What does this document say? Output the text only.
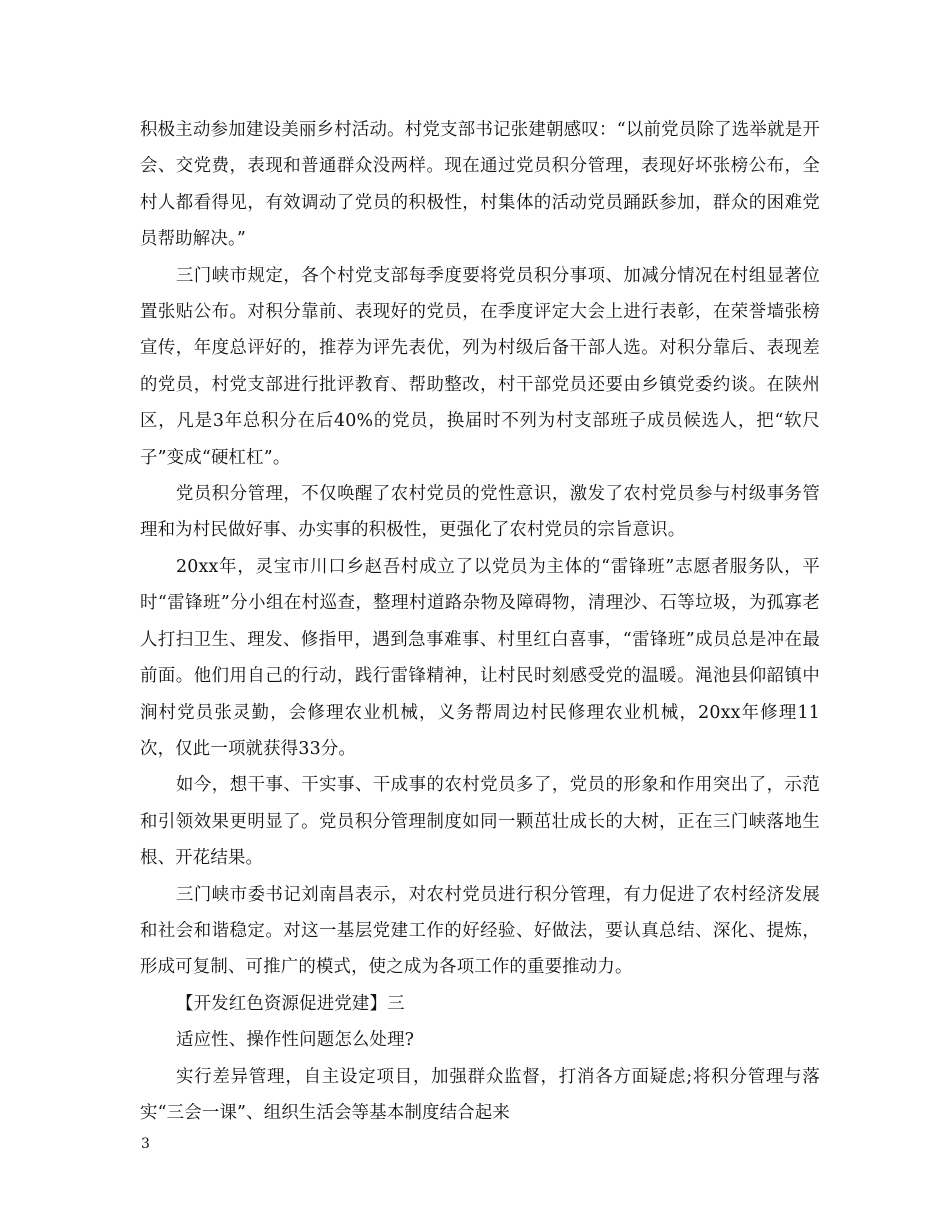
积极主动参加建设美丽乡村活动。村党支部书记张建朝感叹：“以前党员除了选举就是开会、交党费，表现和普通群众没两样。现在通过党员积分管理，表现好坏张榜公布，全村人都看得见，有效调动了党员的积极性，村集体的活动党员踊跃参加，群众的困难党员帮助解决。”

三门峡市规定，各个村党支部每季度要将党员积分事项、加减分情况在村组显著位置张贴公布。对积分靠前、表现好的党员，在季度评定大会上进行表彰，在荣誉墙张榜宣传，年度总评好的，推荐为评先表优，列为村级后备干部人选。对积分靠后、表现差的党员，村党支部进行批评教育、帮助整改，村干部党员还要由乡镇党委约谈。在陕州区，凡是3年总积分在后40%的党员，换届时不列为村支部班子成员候选人，把“软尺子”变成“硬杠杠”。

党员积分管理，不仅唤醒了农村党员的党性意识，激发了农村党员参与村级事务管理和为村民做好事、办实事的积极性，更强化了农村党员的宗旨意识。

20xx年，灵宝市川口乡赵吾村成立了以党员为主体的“雷锋班”志愿者服务队，平时“雷锋班”分小组在村巡查，整理村道路杂物及障碍物，清理沙、石等垃圾，为孤寡老人打扫卫生、理发、修指甲，遇到急事难事、村里红白喜事，“雷锋班”成员总是冲在最前面。他们用自己的行动，践行雷锋精神，让村民时刻感受党的温暖。渑池县仰韶镇中涧村党员张灵勤，会修理农业机械，义务帮周边村民修理农业机械，20xx年修理11次，仅此一项就获得33分。

如今，想干事、干实事、干成事的农村党员多了，党员的形象和作用突出了，示范和引领效果更明显了。党员积分管理制度如同一颗茁壮成长的大树，正在三门峡落地生根、开花结果。

三门峡市委书记刘南昌表示，对农村党员进行积分管理，有力促进了农村经济发展和社会和谐稳定。对这一基层党建工作的好经验、好做法，要认真总结、深化、提炼，形成可复制、可推广的模式，使之成为各项工作的重要推动力。

【开发红色资源促进党建】三

适应性、操作性问题怎么处理?

实行差异管理，自主设定项目，加强群众监督，打消各方面疑虑;将积分管理与落实“三会一课”、组织生活会等基本制度结合起来

3
